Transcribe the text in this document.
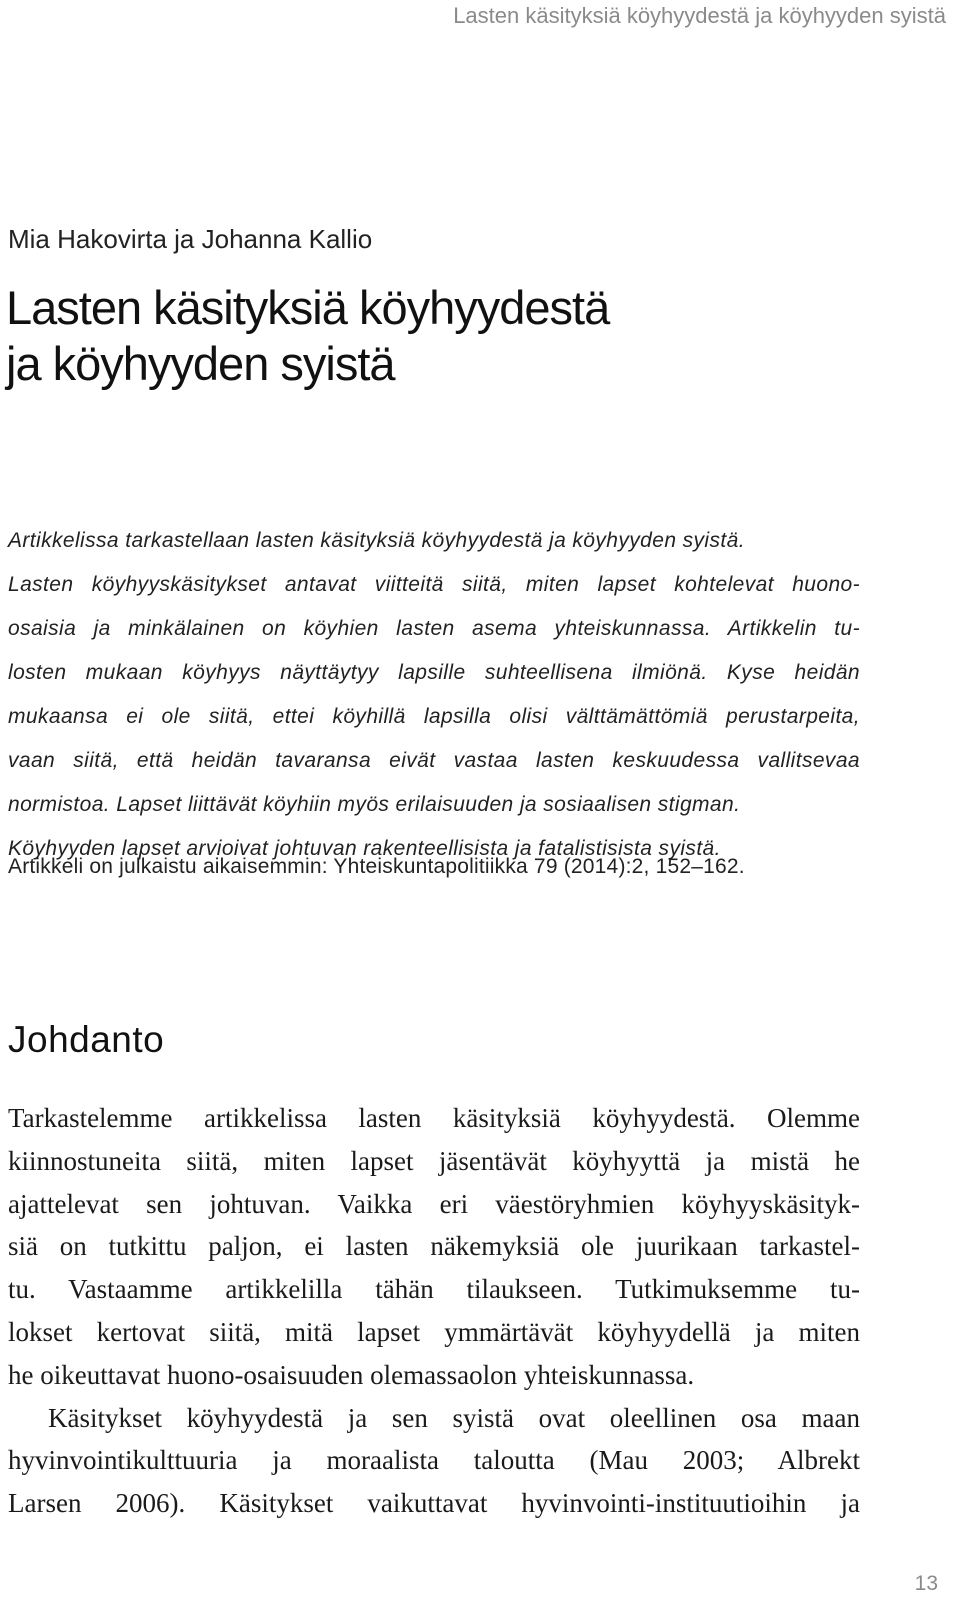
Lasten käsityksiä köyhyydestä ja köyhyyden syistä
Mia Hakovirta ja Johanna Kallio
Lasten käsityksiä köyhyydestä
ja köyhyyden syistä
Artikkelissa tarkastellaan lasten käsityksiä köyhyydestä ja köyhyyden syistä.
Lasten köyhyyskäsitykset antavat viitteitä siitä, miten lapset kohtelevat huono-
osaisia ja minkälainen on köyhien lasten asema yhteiskunnassa. Artikkelin tu-
losten mukaan köyhyys näyttäytyy lapsille suhteellisena ilmiönä. Kyse heidän
mukaansa ei ole siitä, ettei köyhillä lapsilla olisi välttämättömiä perustarpeita,
vaan siitä, että heidän tavaransa eivät vastaa lasten keskuudessa vallitsevaa
normistoa. Lapset liittävät köyhiin myös erilaisuuden ja sosiaalisen stigman.
Köyhyyden lapset arvioivat johtuvan rakenteellisista ja fatalistisista syistä.
Artikkeli on julkaistu aikaisemmin: Yhteiskuntapolitiikka 79 (2014):2, 152–162.
Johdanto
Tarkastelemme artikkelissa lasten käsityksiä köyhyydestä. Olemme
kiinnostuneita siitä, miten lapset jäsentävät köyhyyttä ja mistä he
ajattelevat sen johtuvan. Vaikka eri väestöryhmien köyhyyskäsityk-
siä on tutkittu paljon, ei lasten näkemyksiä ole juurikaan tarkastel-
tu. Vastaamme artikkelilla tähän tilaukseen. Tutkimuksemme tu-
lokset kertovat siitä, mitä lapset ymmärtävät köyhyydellä ja miten
he oikeuttavat huono-osaisuuden olemassaolon yhteiskunnassa.
Käsitykset köyhyydestä ja sen syistä ovat oleellinen osa maan
hyvinvointikulttuuria ja moraalista taloutta (Mau 2003; Albrekt
Larsen 2006). Käsitykset vaikuttavat hyvinvointi-instituutioihin ja
13
